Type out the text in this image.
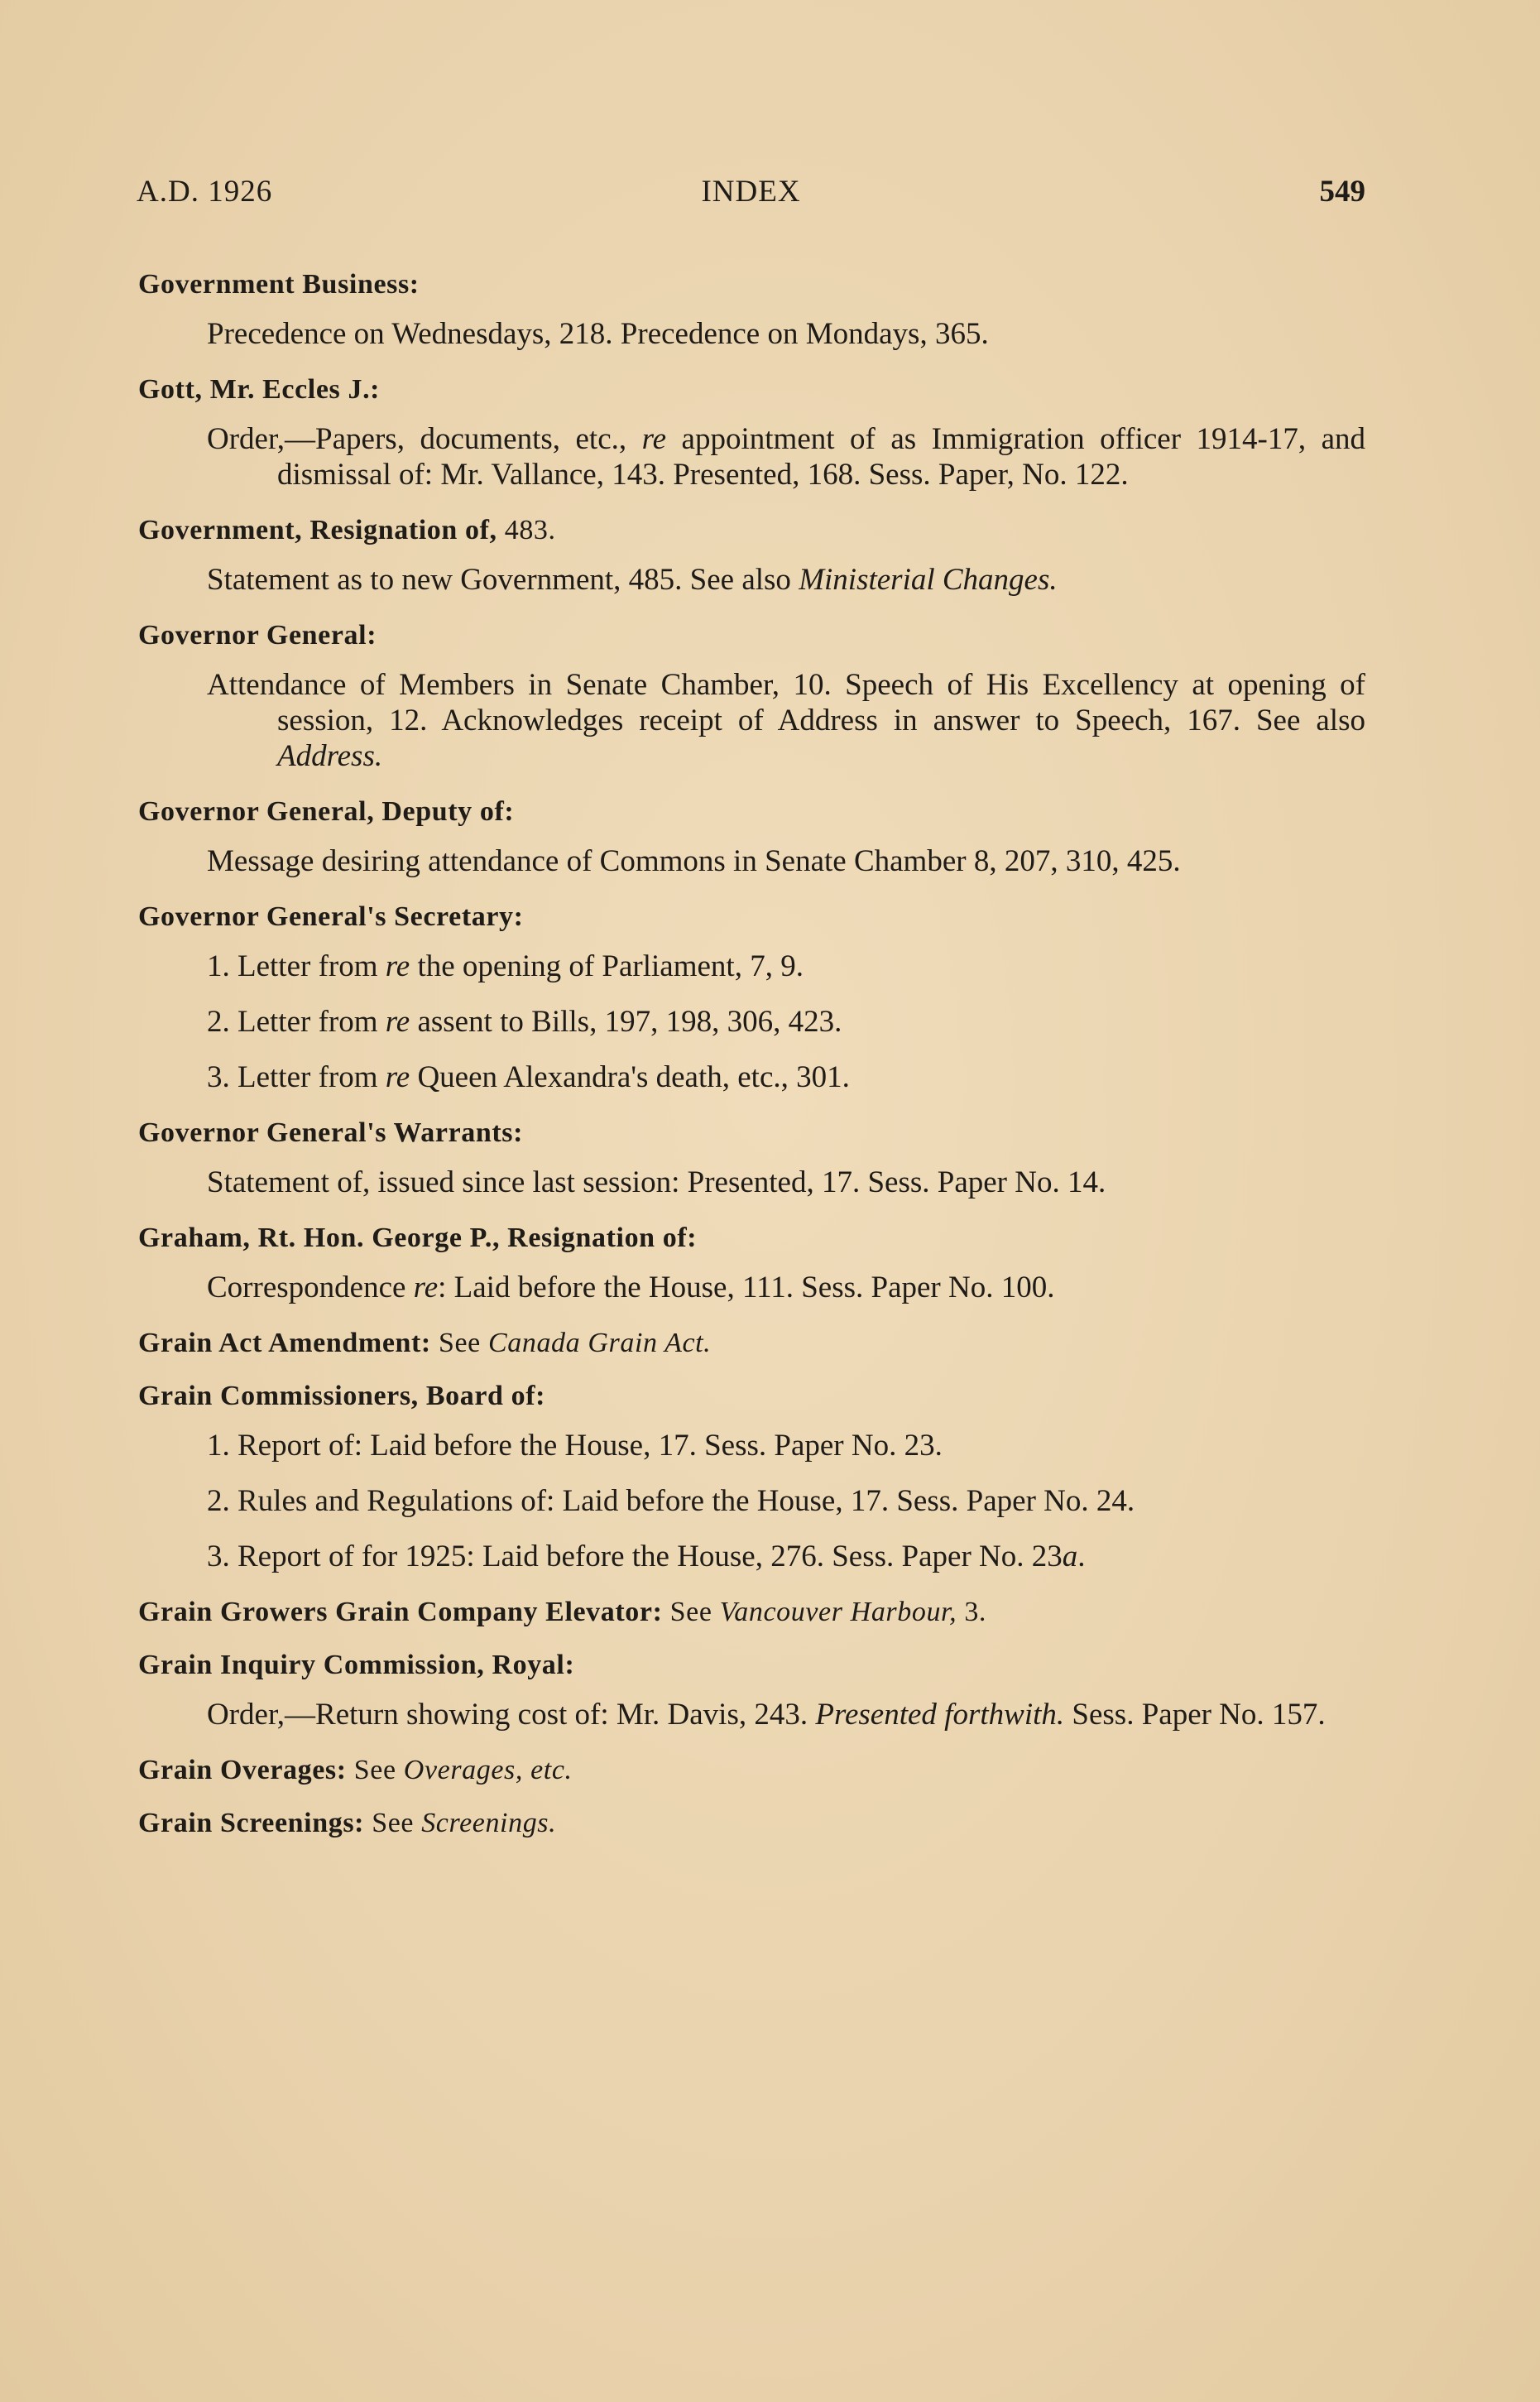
A.D. 1926	INDEX	549
Government Business:
Precedence on Wednesdays, 218. Precedence on Mondays, 365.
Gott, Mr. Eccles J.:
Order,—Papers, documents, etc., re appointment of as Immigration officer 1914-17, and dismissal of: Mr. Vallance, 143. Presented, 168. Sess. Paper, No. 122.
Government, Resignation of, 483.
Statement as to new Government, 485. See also Ministerial Changes.
Governor General:
Attendance of Members in Senate Chamber, 10. Speech of His Excellency at opening of session, 12. Acknowledges receipt of Address in answer to Speech, 167. See also Address.
Governor General, Deputy of:
Message desiring attendance of Commons in Senate Chamber 8, 207, 310, 425.
Governor General's Secretary:
1. Letter from re the opening of Parliament, 7, 9.
2. Letter from re assent to Bills, 197, 198, 306, 423.
3. Letter from re Queen Alexandra's death, etc., 301.
Governor General's Warrants:
Statement of, issued since last session: Presented, 17. Sess. Paper No. 14.
Graham, Rt. Hon. George P., Resignation of:
Correspondence re: Laid before the House, 111. Sess. Paper No. 100.
Grain Act Amendment: See Canada Grain Act.
Grain Commissioners, Board of:
1. Report of: Laid before the House, 17. Sess. Paper No. 23.
2. Rules and Regulations of: Laid before the House, 17. Sess. Paper No. 24.
3. Report of for 1925: Laid before the House, 276. Sess. Paper No. 23a.
Grain Growers Grain Company Elevator: See Vancouver Harbour, 3.
Grain Inquiry Commission, Royal:
Order,—Return showing cost of: Mr. Davis, 243. Presented forthwith. Sess. Paper No. 157.
Grain Overages: See Overages, etc.
Grain Screenings: See Screenings.
